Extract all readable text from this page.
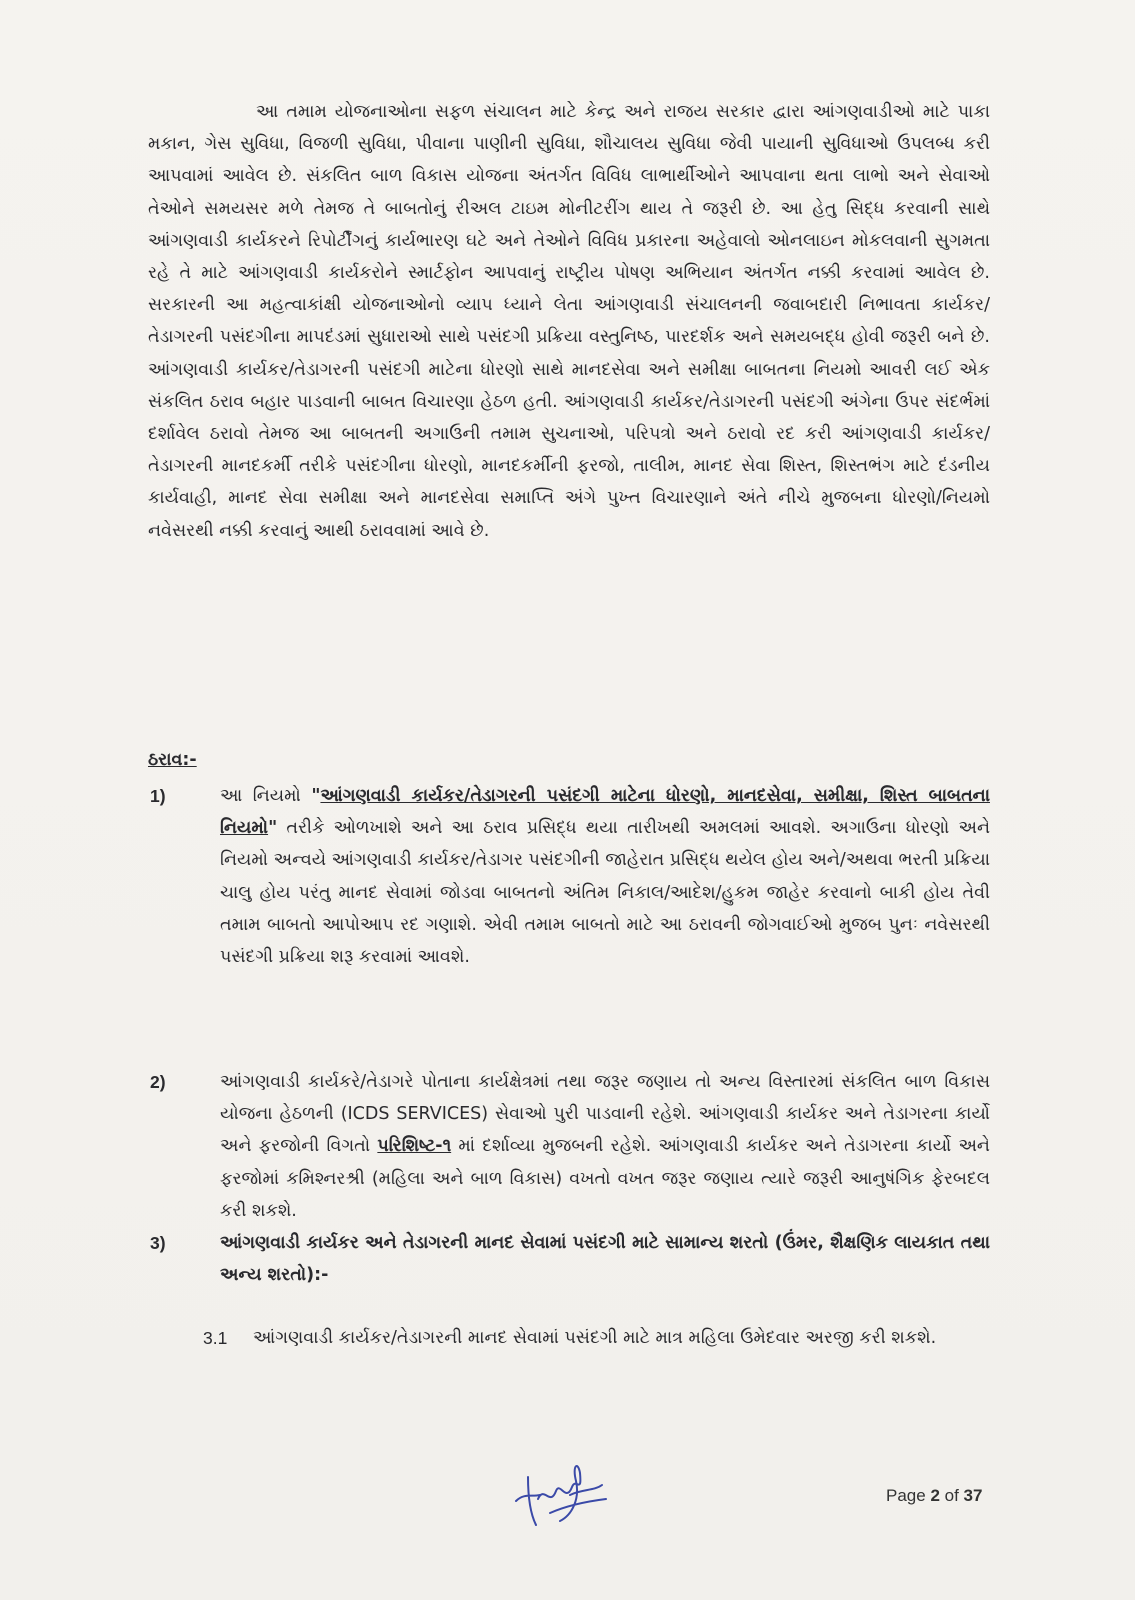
આ તમામ યોજનાઓના સફળ સંચાલન માટે કેન્દ્ર અને રાજય સરકાર દ્વારા આંગણવાડીઓ માટે પાકા મકાન, ગેસ સુવિધા, વિજળી સુવિધા, પીવાના પાણીની સુવિધા, શૌચાલય સુવિધા જેવી પાયાની સુવિધાઓ ઉપલબ્ધ કરી આપવામાં આવેલ છે. સંકલિત બાળ વિકાસ યોજના અંતર્ગત વિવિધ લાભાર્થીઓને આપવાના થતા લાભો અને સેવાઓ તેઓને સમયસર મળે તેમજ તે બાબતોનું રીઅલ ટાઇમ મોનીટરીંગ થાય તે જરૂરી છે. આ હેતુ સિદ્ધ કરવાની સાથે આંગણવાડી કાર્યકરને રિપોર્ટીંગનું કાર્યભારણ ઘટે અને તેઓને વિવિધ પ્રકારના અહેવાલો ઓનલાઇન મોકલવાની સુગમતા રહે તે માટે આંગણવાડી કાર્યકરોને સ્માર્ટફોન આપવાનું રાષ્ટ્રીય પોષણ અભિયાન અંતર્ગત નક્કી કરવામાં આવેલ છે. સરકારની આ મહત્વાકાંક્ષી યોજનાઓનો વ્યાપ ધ્યાને લેતા આંગણવાડી સંચાલનની જવાબદારી નિભાવતા કાર્યકર/તેડાગરની પસંદગીના માપદંડમાં સુધારાઓ સાથે પસંદગી પ્રક્રિયા વસ્તુનિષ્ઠ, પારદર્શક અને સમયબદ્ધ હોવી જરૂરી બને છે. આંગણવાડી કાર્યકર/તેડાગરની પસંદગી માટેના ધોરણો સાથે માનદસેવા અને સમીક્ષા બાબતના નિયમો આવરી લઈ એક સંકલિત ઠરાવ બહાર પાડવાની બાબત વિચારણા હેઠળ હતી. આંગણવાડી કાર્યકર/તેડાગરની પસંદગી અંગેના ઉપર સંદર્ભમાં દર્શાવેલ ઠરાવો તેમજ આ બાબતની અગાઉની તમામ સુચનાઓ, પરિપત્રો અને ઠરાવો રદ કરી આંગણવાડી કાર્યકર/તેડાગરની માનદકર્મી તરીકે પસંદગીના ધોરણો, માનદકર્મીની ફરજો, તાલીમ, માનદ સેવા શિસ્ત, શિસ્તભંગ માટે દંડનીય કાર્યવાહી, માનદ સેવા સમીક્ષા અને માનદસેવા સમાપ્તિ અંગે પુખ્ત વિચારણાને અંતે નીચે મુજબના ધોરણો/નિયમો નવેસરથી નક્કી કરવાનું આથી ઠરાવવામાં આવે છે.

ઠરાવ:-
1)	આ નિયમો "આંગણવાડી કાર્યકર/તેડાગરની પસંદગી માટેના ધોરણો, માનદસેવા, સમીક્ષા, શિસ્ત બાબતના નિયમો" તરીકે ઓળખાશે અને આ ઠરાવ પ્રસિદ્ધ થયા તારીખથી અમલમાં આવશે. અગાઉના ધોરણો અને નિયમો અન્વયે આંગણવાડી કાર્યકર/તેડાગર પસંદગીની જાહેરાત પ્રસિદ્ધ થયેલ હોય અને/અથવા ભરતી પ્રક્રિયા ચાલુ હોય પરંતુ માનદ સેવામાં જોડવા બાબતનો અંતિમ નિકાલ/આદેશ/હુકમ જાહેર કરવાનો બાકી હોય તેવી તમામ બાબતો આપોઆપ રદ ગણાશે. એવી તમામ બાબતો માટે આ ઠરાવની જોગવાઈઓ મુજબ પુનઃ નવેસરથી પસંદગી પ્રક્રિયા શરૂ કરવામાં આવશે.
2)	આંગણવાડી કાર્યકરે/તેડાગરે પોતાના કાર્યક્ષેત્રમાં તથા જરૂર જણાય તો અન્ય વિસ્તારમાં સંકલિત બાળ વિકાસ યોજના હેઠળની (ICDS SERVICES) સેવાઓ પુરી પાડવાની રહેશે. આંગણવાડી કાર્યકર અને તેડાગરના કાર્યો અને ફરજોની વિગતો પરિશિષ્ટ-૧ માં દર્શાવ્યા મુજબની રહેશે. આંગણવાડી કાર્યકર અને તેડાગરના કાર્યો અને ફરજોમાં કમિશ્નરશ્રી (મહિલા અને બાળ વિકાસ) વખતો વખત જરૂર જણાય ત્યારે જરૂરી આનુષંગિક ફેરબદલ કરી શકશે.
3)	આંગણવાડી કાર્યકર અને તેડાગરની માનદ સેવામાં પસંદગી માટે સામાન્ય શરતો (ઉંમર, શૈક્ષણિક લાયકાત તથા અન્ય શરતો):-
3.1 આંગણવાડી કાર્યકર/તેડાગરની માનદ સેવામાં પસંદગી માટે માત્ર મહિલા ઉમેદવાર અરજી કરી શકશે.
Page 2 of 37
